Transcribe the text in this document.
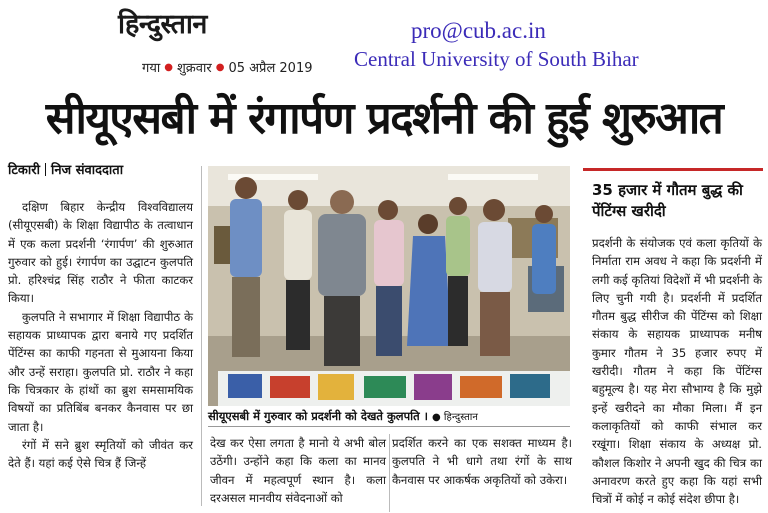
हिन्दुस्तान
गया ● शुक्रवार ● 05 अप्रैल 2019
pro@cub.ac.in
Central University of South Bihar
सीयूएसबी में रंगार्पण प्रदर्शनी की हुई शुरुआत
टिकारी निज संवाददाता

दक्षिण बिहार केन्द्रीय विश्वविद्यालय (सीयूएसबी) के शिक्षा विद्यापीठ के तत्वाधान में एक कला प्रदर्शनी ‘रंगार्पण’ की शुरुआत गुरुवार को हुई। रंगार्पण का उद्घाटन कुलपति प्रो. हरिश्चंद्र सिंह राठौर ने फीता काटकर किया।

कुलपति ने सभागार में शिक्षा विद्यापीठ के सहायक प्राध्यापक द्वारा बनाये गए प्रदर्शित पेंटिंग्स का काफी गहनता से मुआयना किया और उन्हें सराहा। कुलपति प्रो. राठौर ने कहा कि चित्रकार के हांथों का ब्रुश समसामयिक विषयों का प्रतिबिंब बनकर कैनवास पर छा जाता है।

रंगों में सने ब्रुश स्मृतियों को जीवंत कर देते हैं। यहां कई ऐसे चित्र हैं जिन्हें

सीयूएसबी में गुरुवार को प्रदर्शनी को देखते कुलपति । ● हिन्दुस्तान
देख कर ऐसा लगता है मानो ये अभी बोल उठेंगी। उन्होंने कहा कि कला का मानव जीवन में महत्वपूर्ण स्थान है। कला दरअसल मानवीय संवेदनाओं को
प्रदर्शित करने का एक सशक्त माध्यम है। कुलपति ने भी धागे तथा रंगों के साथ कैनवास पर आकर्षक अकृतियों को उकेरा।
35 हजार में गौतम बुद्ध की पेंटिंग्स खरीदी
प्रदर्शनी के संयोजक एवं कला कृतियों के निर्माता राम अवध ने कहा कि प्रदर्शनी में लगी कई कृतियां विदेशों में भी प्रदर्शनी के लिए चुनी गयी है। प्रदर्शनी में प्रदर्शित गौतम बुद्ध सीरीज की पेंटिंग्स को शिक्षा संकाय के सहायक प्राध्यापक मनीष कुमार गौतम ने 35 हजार रुपए में खरीदी। गौतम ने कहा कि पेंटिंग्स बहुमूल्य है। यह मेरा सौभाग्य है कि मुझे इन्हें खरीदने का मौका मिला। मैं इन कलाकृतियों को काफी संभाल कर रखूंगा। शिक्षा संकाय के अध्यक्ष प्रो. कौशल किशोर ने अपनी खुद की चित्र का अनावरण करते हुए कहा कि यहां सभी चित्रों में कोई न कोई संदेश छीपा है।
